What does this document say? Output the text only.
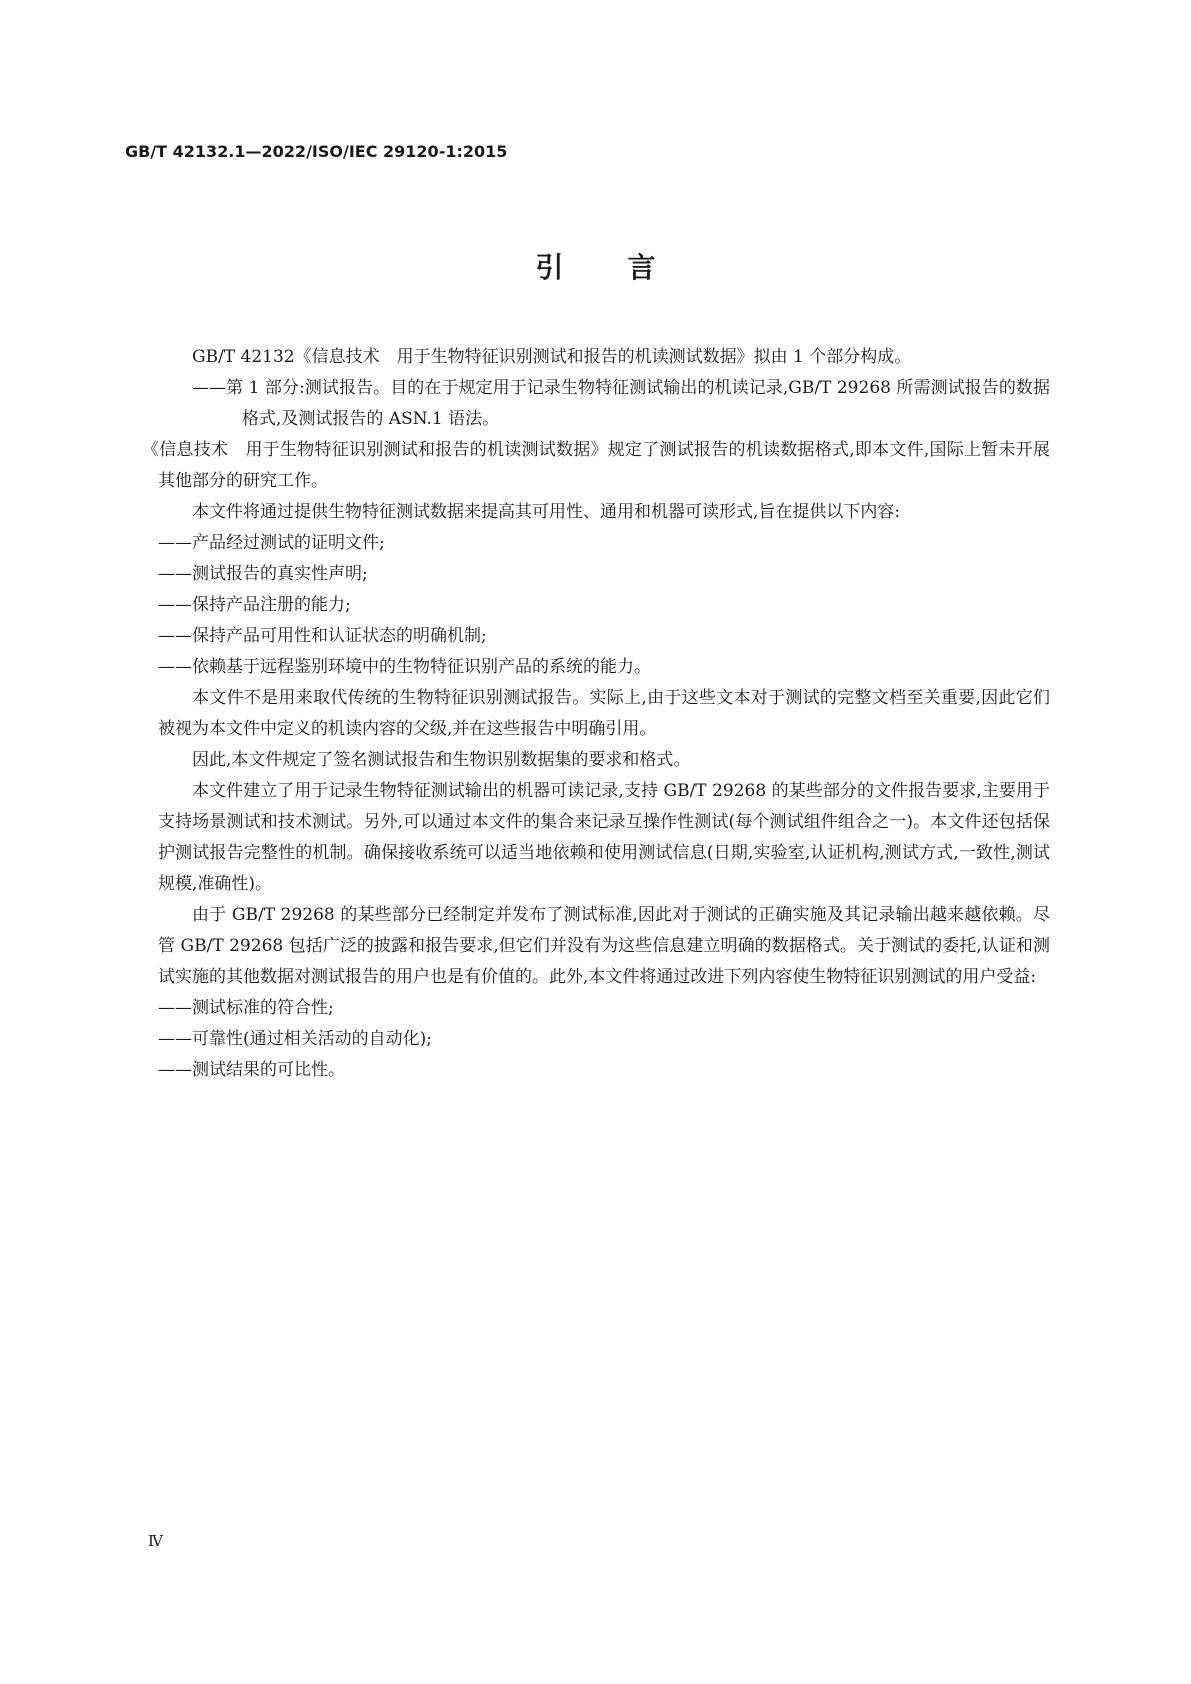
GB/T 42132.1—2022/ISO/IEC 29120-1:2015
引言

GB/T 42132《信息技术　用于生物特征识别测试和报告的机读测试数据》拟由 1 个部分构成。

——第 1 部分:测试报告。目的在于规定用于记录生物特征测试输出的机读记录,GB/T 29268 所需测试报告的数据格式,及测试报告的 ASN.1 语法。

《信息技术　用于生物特征识别测试和报告的机读测试数据》规定了测试报告的机读数据格式,即本文件,国际上暂未开展其他部分的研究工作。

本文件将通过提供生物特征测试数据来提高其可用性、通用和机器可读形式,旨在提供以下内容:

——产品经过测试的证明文件;

——测试报告的真实性声明;

——保持产品注册的能力;

——保持产品可用性和认证状态的明确机制;

——依赖基于远程鉴别环境中的生物特征识别产品的系统的能力。

本文件不是用来取代传统的生物特征识别测试报告。实际上,由于这些文本对于测试的完整文档至关重要,因此它们被视为本文件中定义的机读内容的父级,并在这些报告中明确引用。

因此,本文件规定了签名测试报告和生物识别数据集的要求和格式。

本文件建立了用于记录生物特征测试输出的机器可读记录,支持 GB/T 29268 的某些部分的文件报告要求,主要用于支持场景测试和技术测试。另外,可以通过本文件的集合来记录互操作性测试(每个测试组件组合之一)。本文件还包括保护测试报告完整性的机制。确保接收系统可以适当地依赖和使用测试信息(日期,实验室,认证机构,测试方式,一致性,测试规模,准确性)。

由于 GB/T 29268 的某些部分已经制定并发布了测试标准,因此对于测试的正确实施及其记录输出越来越依赖。尽管 GB/T 29268 包括广泛的披露和报告要求,但它们并没有为这些信息建立明确的数据格式。关于测试的委托,认证和测试实施的其他数据对测试报告的用户也是有价值的。此外,本文件将通过改进下列内容使生物特征识别测试的用户受益:

——测试标准的符合性;

——可靠性(通过相关活动的自动化);

——测试结果的可比性。

Ⅳ
